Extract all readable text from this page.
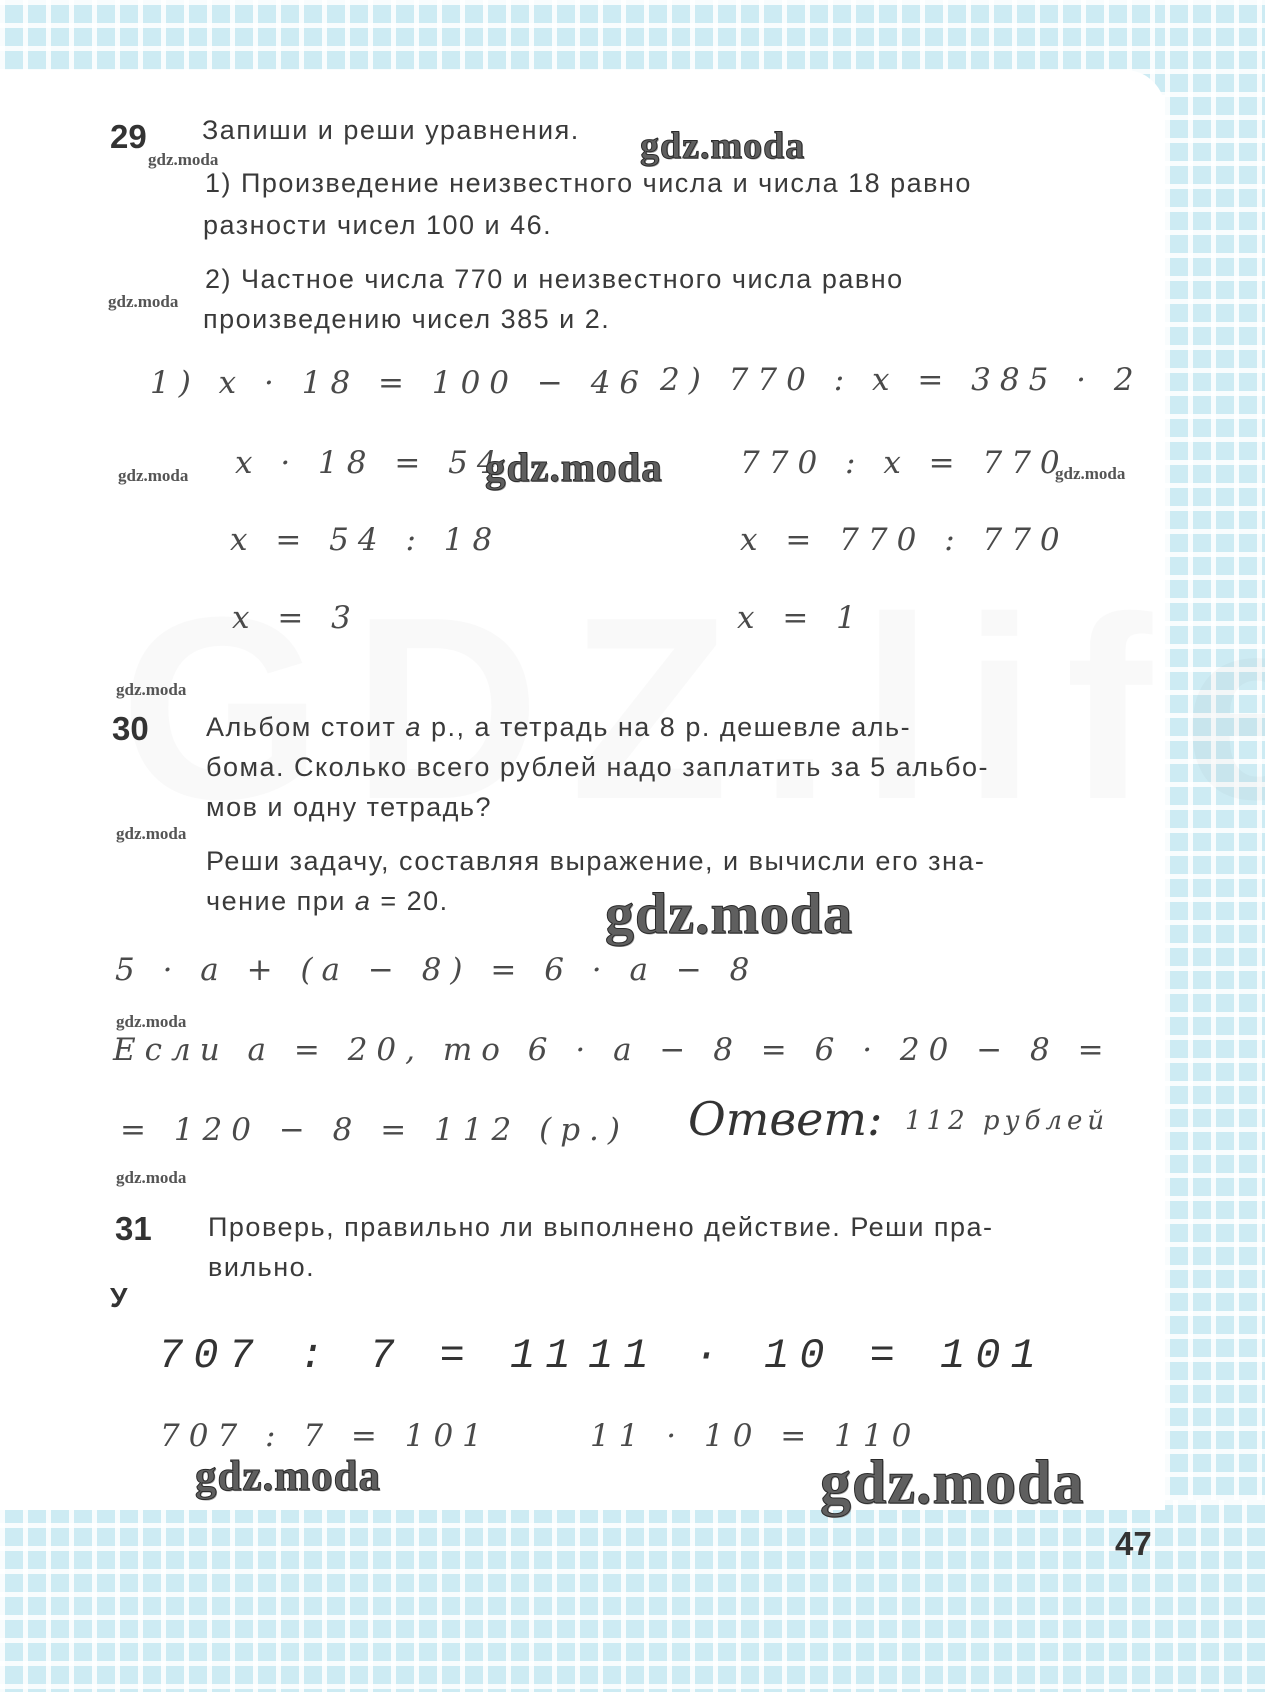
29 Запиши и реши уравнения.
1) Произведение неизвестного числа и числа 18 равно
разности чисел 100 и 46.
2) Частное числа 770 и неизвестного числа равно
произведению чисел 385 и 2.
1) x · 18 = 100 − 46
x · 18 = 54
x = 54 : 18
x = 3
2) 770 : x = 385 · 2
770 : x = 770
x = 770 : 770
x = 1
30 Альбом стоит a р., а тетрадь на 8 р. дешевле аль-
бома. Сколько всего рублей надо заплатить за 5 альбо-
мов и одну тетрадь?
Реши задачу, составляя выражение, и вычисли его зна-
чение при a = 20.
5 · a + (a − 8) = 6 · a − 8
Если a = 20, то 6 · a − 8 = 6 · 20 − 8 =
= 120 − 8 = 112 (р.) Ответ: 112 рублей
31 Проверь, правильно ли выполнено действие. Реши пра-
вильно.
У
707 : 7 = 11 11 · 10 = 101
707 : 7 = 101	11 · 10 = 110
47
gdz.moda
gdz.moda
gdz.moda	gdz.moda
gdz.moda
gdz.moda
gdz.moda
gdz.moda
gdz.moda
gdz.moda
gdz.moda
gdz.moda	gdz.moda
